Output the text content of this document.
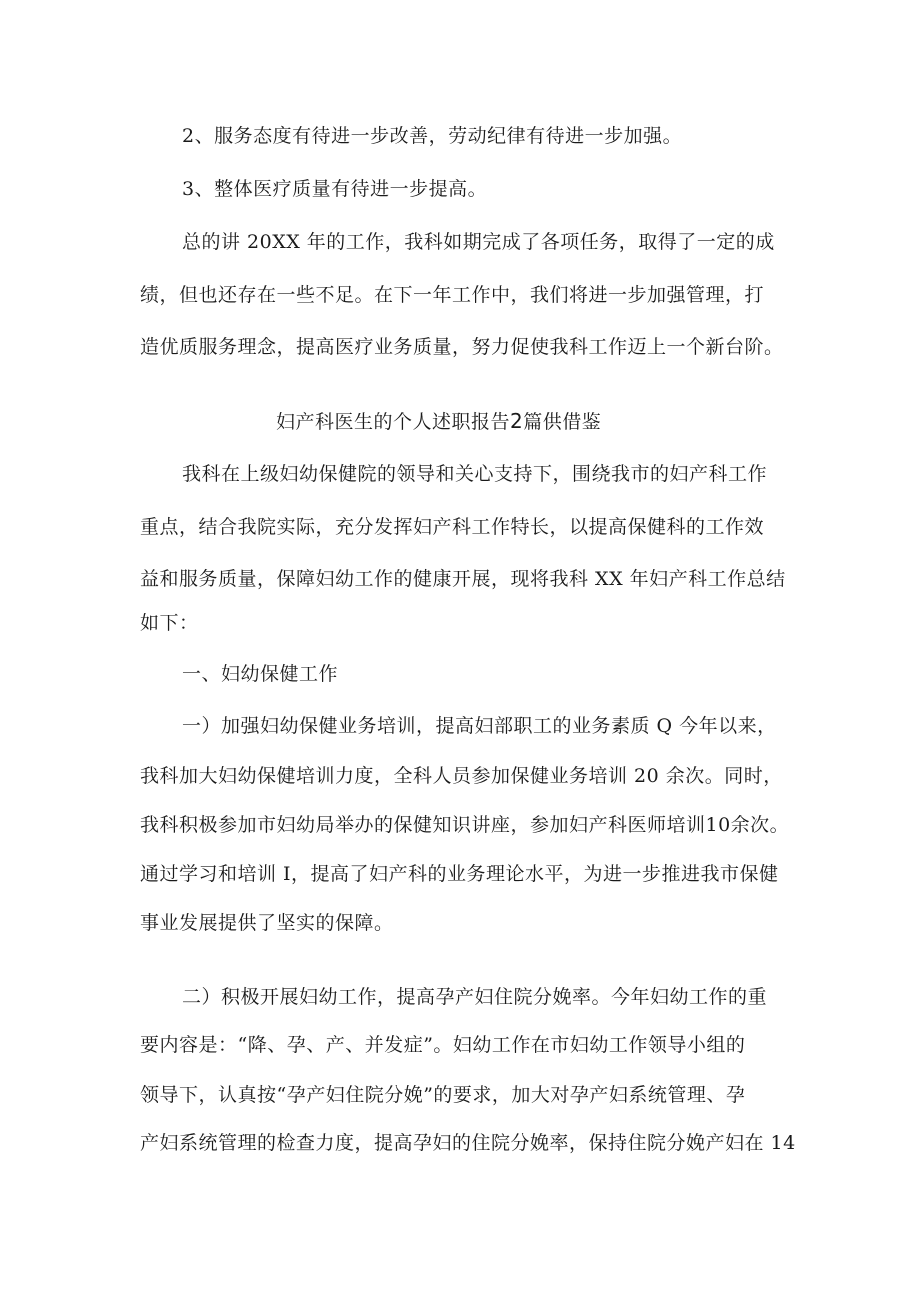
2、服务态度有待进一步改善，劳动纪律有待进一步加强。

3、整体医疗质量有待进一步提高。

总的讲 20XX 年的工作，我科如期完成了各项任务，取得了一定的成

绩，但也还存在一些不足。在下一年工作中，我们将进一步加强管理，打

造优质服务理念，提高医疗业务质量，努力促使我科工作迈上一个新台阶。

妇产科医生的个人述职报告2篇供借鉴

我科在上级妇幼保健院的领导和关心支持下，围绕我市的妇产科工作

重点，结合我院实际，充分发挥妇产科工作特长，以提高保健科的工作效

益和服务质量，保障妇幼工作的健康开展，现将我科 XX 年妇产科工作总结

如下：

一、妇幼保健工作

一）加强妇幼保健业务培训，提高妇部职工的业务素质 Q 今年以来，

我科加大妇幼保健培训力度，全科人员参加保健业务培训 20 余次。同时，

我科积极参加市妇幼局举办的保健知识讲座，参加妇产科医师培训10余次。

通过学习和培训 I，提高了妇产科的业务理论水平，为进一步推进我市保健

事业发展提供了坚实的保障。

二）积极开展妇幼工作，提高孕产妇住院分娩率。今年妇幼工作的重

要内容是：“降、孕、产、并发症”。妇幼工作在市妇幼工作领导小组的

领导下，认真按“孕产妇住院分娩”的要求，加大对孕产妇系统管理、孕

产妇系统管理的检查力度，提高孕妇的住院分娩率，保持住院分娩产妇在 14
